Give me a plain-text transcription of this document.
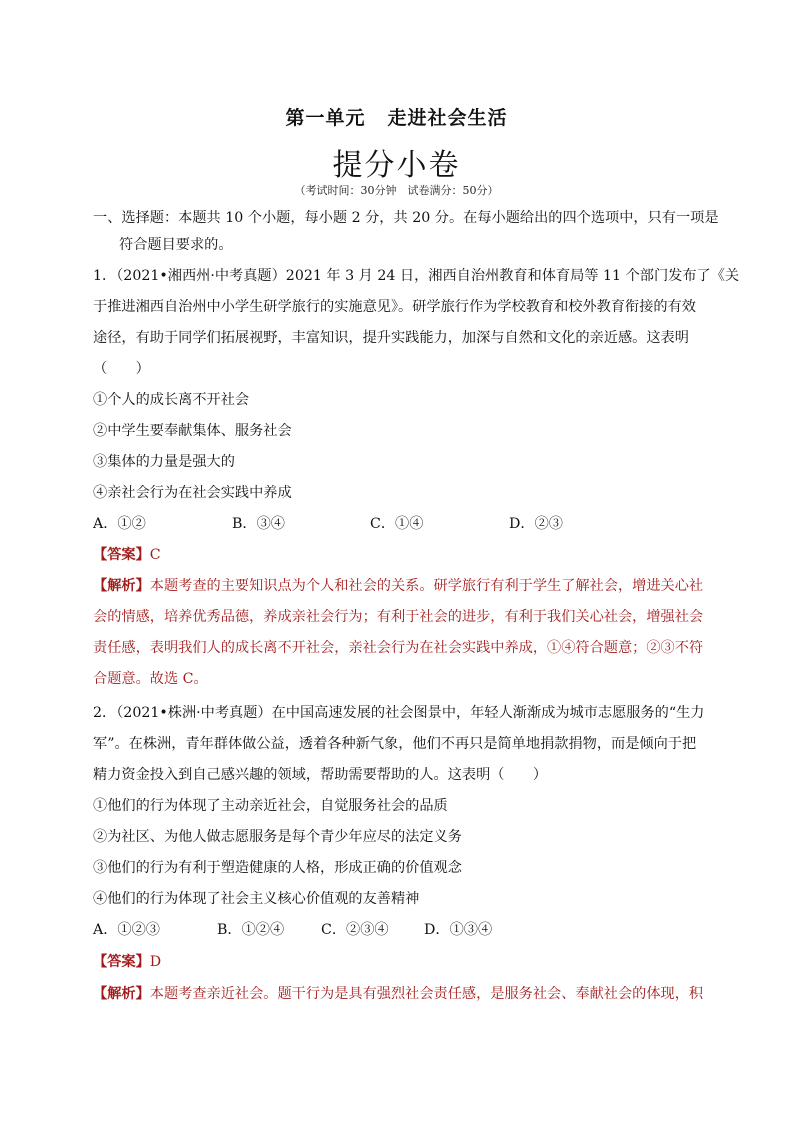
第一单元 走进社会生活
提分小卷
（考试时间：30分钟　试卷满分：50分）
一、选择题：本题共 10 个小题，每小题 2 分，共 20 分。在每小题给出的四个选项中，只有一项是
符合题目要求的。
1．（2021•湘西州·中考真题）2021 年 3 月 24 日，湘西自治州教育和体育局等 11 个部门发布了《关
于推进湘西自治州中小学生研学旅行的实施意见》。研学旅行作为学校教育和校外教育衔接的有效
途径，有助于同学们拓展视野，丰富知识，提升实践能力，加深与自然和文化的亲近感。这表明
（　　）
①个人的成长离不开社会
②中学生要奉献集体、服务社会
③集体的力量是强大的
④亲社会行为在社会实践中养成
A．①②	B．③④	C．①④	D．②③
【答案】C
【解析】本题考查的主要知识点为个人和社会的关系。研学旅行有利于学生了解社会，增进关心社
会的情感，培养优秀品德，养成亲社会行为；有利于社会的进步，有利于我们关心社会，增强社会
责任感，表明我们人的成长离不开社会，亲社会行为在社会实践中养成，①④符合题意；②③不符
合题意。故选 C。
2．（2021•株洲·中考真题）在中国高速发展的社会图景中，年轻人渐渐成为城市志愿服务的“生力
军”。在株洲，青年群体做公益，透着各种新气象，他们不再只是简单地捐款捐物，而是倾向于把
精力资金投入到自己感兴趣的领域，帮助需要帮助的人。这表明（　　）
①他们的行为体现了主动亲近社会，自觉服务社会的品质
②为社区、为他人做志愿服务是每个青少年应尽的法定义务
③他们的行为有利于塑造健康的人格，形成正确的价值观念
④他们的行为体现了社会主义核心价值观的友善精神
A．①②③	B．①②④	C．②③④ D．①③④
【答案】D
【解析】本题考查亲近社会。题干行为是具有强烈社会责任感，是服务社会、奉献社会的体现，积
